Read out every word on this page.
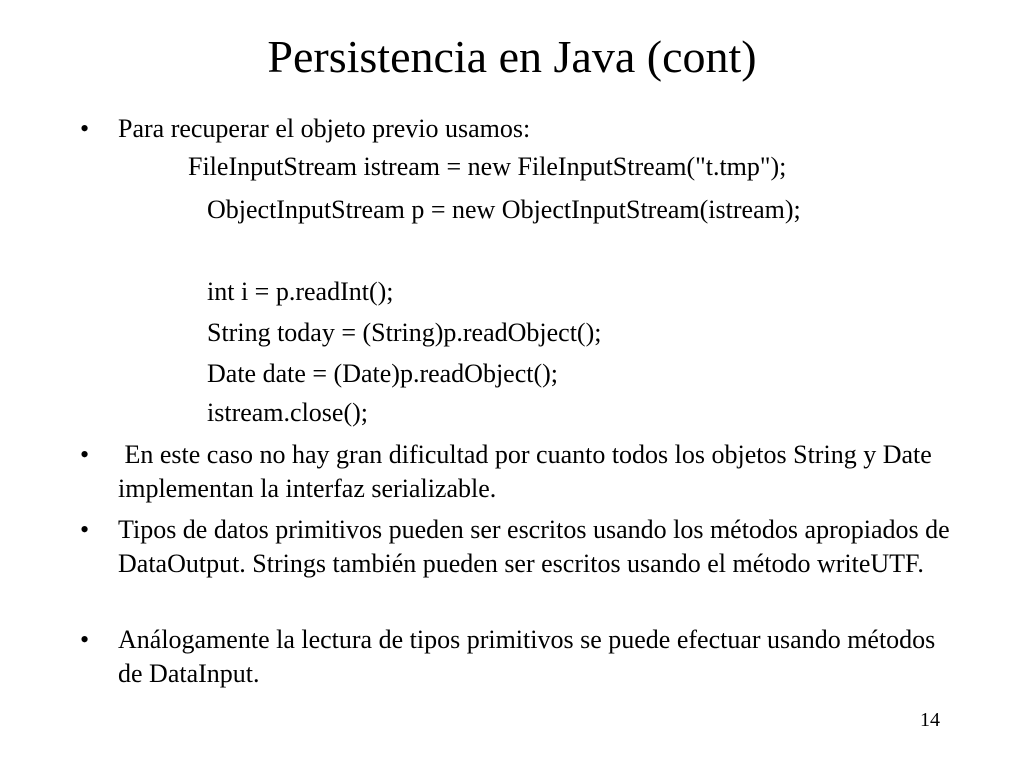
Persistencia en Java (cont)
•	Para recuperar el objeto previo usamos:
FileInputStream istream = new FileInputStream("t.tmp");
ObjectInputStream p = new ObjectInputStream(istream);
int i = p.readInt();
String today = (String)p.readObject();
Date date = (Date)p.readObject();
istream.close();
•	En este caso no hay gran dificultad por cuanto todos los objetos String y Date implementan la interfaz serializable.
•	Tipos de datos primitivos pueden ser escritos usando los métodos apropiados de DataOutput. Strings también pueden ser escritos usando el método writeUTF.
•	Análogamente la lectura de tipos primitivos se puede efectuar usando métodos de DataInput.
14
